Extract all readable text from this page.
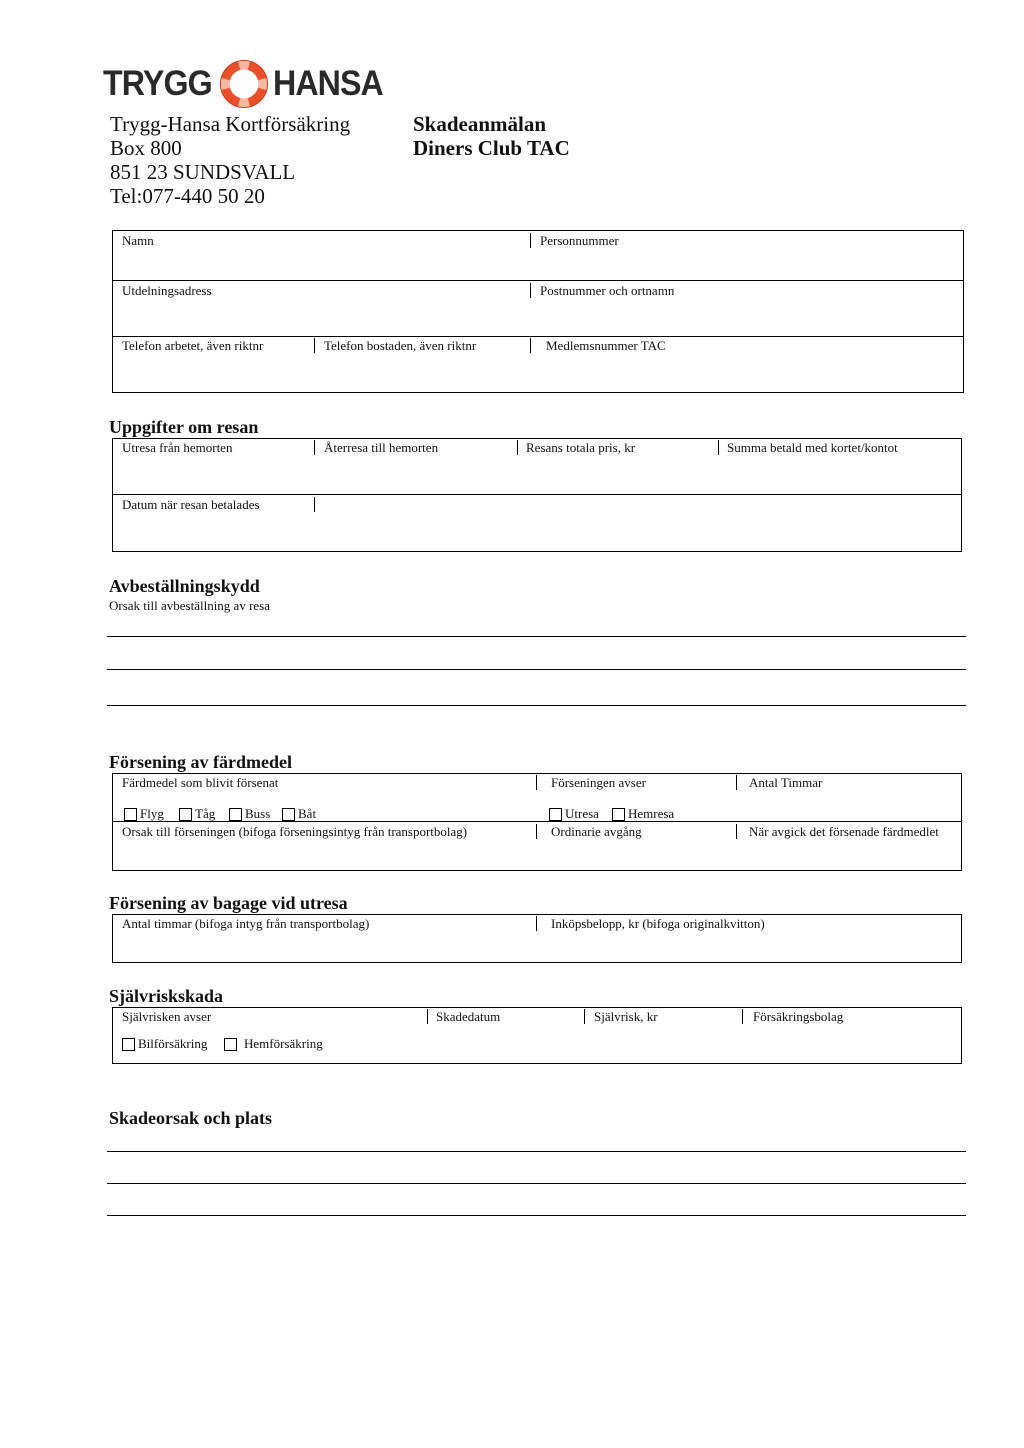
TRYGG HANSA
Trygg-Hansa Kortförsäkring
Box 800
851 23 SUNDSVALL
Tel:077-440 50 20
Skadeanmälan
Diners Club TAC
Namn	Personnummer
Utdelningsadress	Postnummer och ortnamn
Telefon arbetet, även riktnr	Telefon bostaden, även riktnr	Medlemsnummer TAC
Uppgifter om resan
Utresa från hemorten	Återresa till hemorten	Resans totala pris, kr	Summa betald med kortet/kontot
Datum när resan betalades
Avbeställningskydd
Orsak till avbeställning av resa
Försening av färdmedel
Färdmedel som blivit försenat	Förseningen avser	Antal Timmar
Flyg Tåg Buss Båt	Utresa Hemresa
Orsak till förseningen (bifoga förseningsintyg från transportbolag)	Ordinarie avgång	När avgick det försenade färdmedlet
Försening av bagage vid utresa
Antal timmar (bifoga intyg från transportbolag)	Inköpsbelopp, kr (bifoga originalkvitton)
Självriskskada
Självrisken avser	Skadedatum	Självrisk, kr	Försäkringsbolag
Bilförsäkring	Hemförsäkring
Skadeorsak och plats
